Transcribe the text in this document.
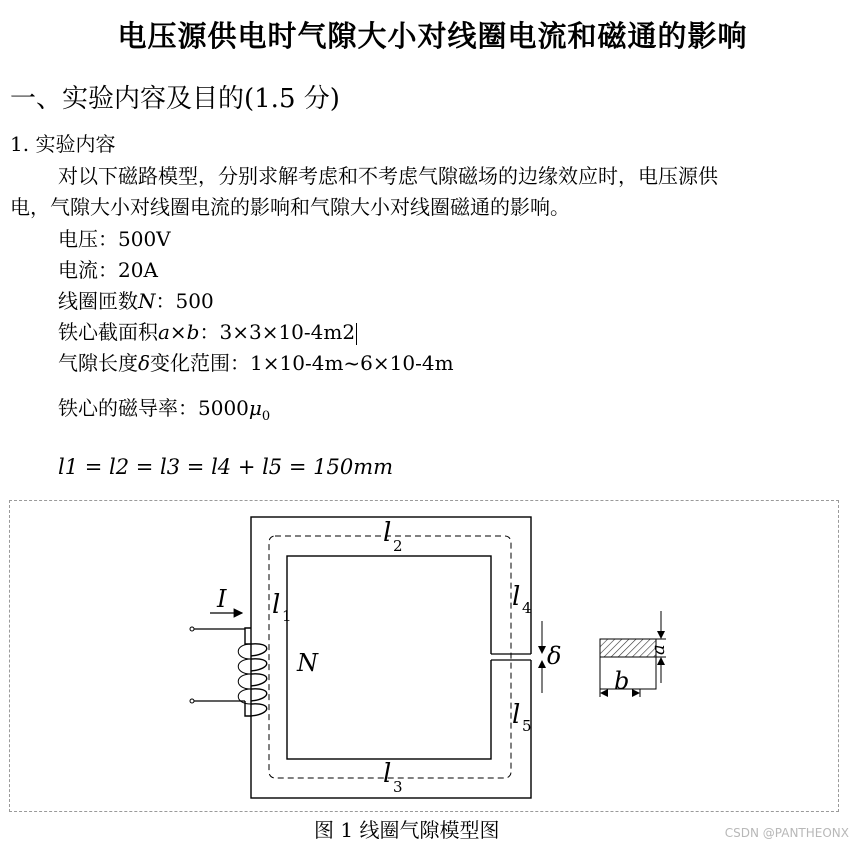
电压源供电时气隙大小对线圈电流和磁通的影响
一、实验内容及目的(1.5 分)
1. 实验内容
对以下磁路模型，分别求解考虑和不考虑气隙磁场的边缘效应时，电压源供
电，气隙大小对线圈电流的影响和气隙大小对线圈磁通的影响。
电压：500V
电流：20A
线圈匝数N：500
铁心截面积a×b：3×3×10-4m2
气隙长度δ变化范围：1×10-4m~6×10-4m
铁心的磁导率：$5000\mu_0$
l1 = l2 = l3 = l4 + l5 = 150mm
I l 1
l 2
l 3
l 4
l 5
N	δ	a
b
图 1 线圈气隙模型图	CSDN @PANTHEONX
